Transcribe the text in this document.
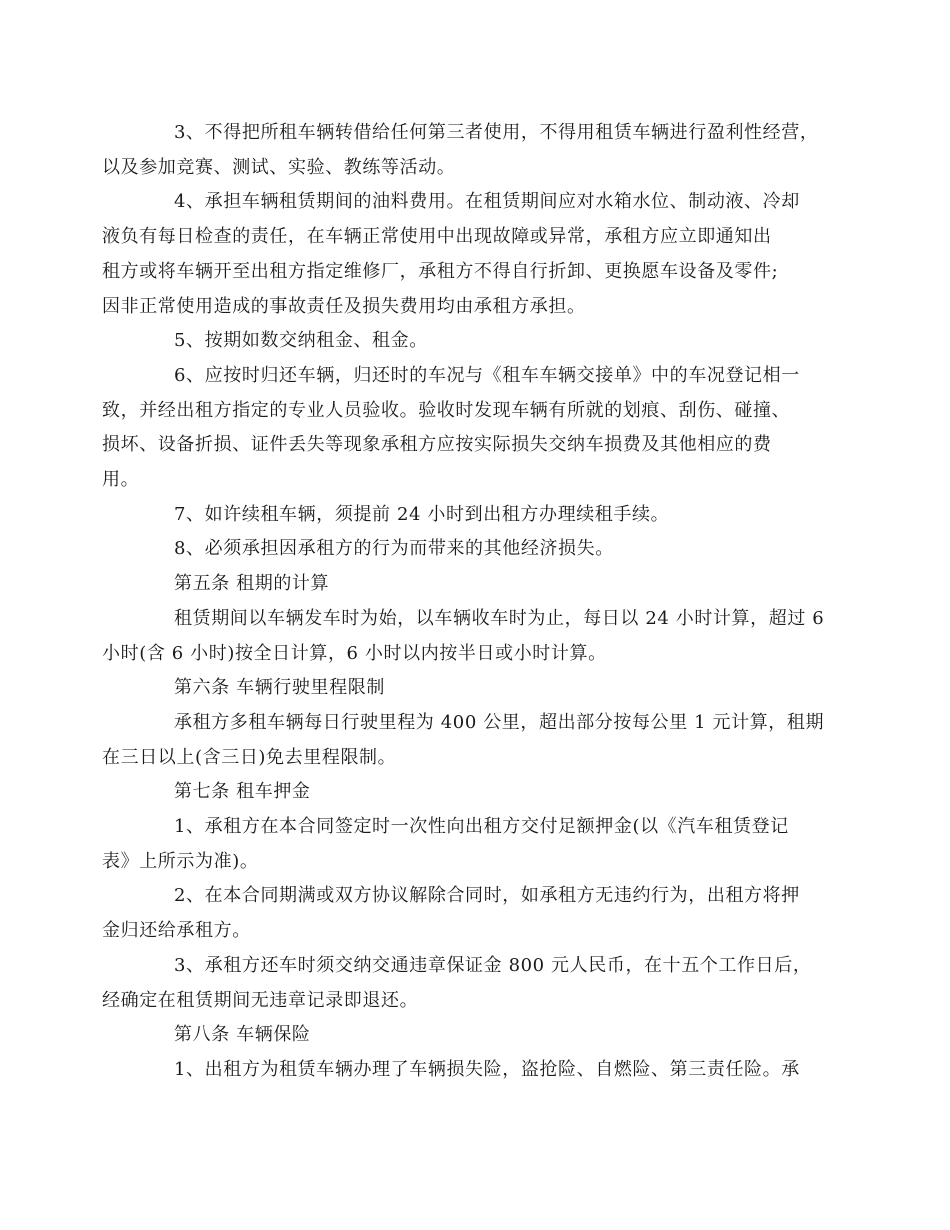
3、不得把所租车辆转借给任何第三者使用，不得用租赁车辆进行盈利性经营，
以及参加竞赛、测试、实验、教练等活动。
4、承担车辆租赁期间的油料费用。在租赁期间应对水箱水位、制动液、冷却
液负有每日检查的责任，在车辆正常使用中出现故障或异常，承租方应立即通知出
租方或将车辆开至出租方指定维修厂，承租方不得自行折卸、更换愿车设备及零件;
因非正常使用造成的事故责任及损失费用均由承租方承担。
5、按期如数交纳租金、租金。
6、应按时归还车辆，归还时的车况与《租车车辆交接单》中的车况登记相一
致，并经出租方指定的专业人员验收。验收时发现车辆有所就的划痕、刮伤、碰撞、
损坏、设备折损、证件丢失等现象承租方应按实际损失交纳车损费及其他相应的费
用。
7、如许续租车辆，须提前 24 小时到出租方办理续租手续。
8、必须承担因承租方的行为而带来的其他经济损失。
第五条 租期的计算
租赁期间以车辆发车时为始，以车辆收车时为止，每日以 24 小时计算，超过 6
小时(含 6 小时)按全日计算，6 小时以内按半日或小时计算。
第六条 车辆行驶里程限制
承租方多租车辆每日行驶里程为 400 公里，超出部分按每公里 1 元计算，租期
在三日以上(含三日)免去里程限制。
第七条 租车押金
1、承租方在本合同签定时一次性向出租方交付足额押金(以《汽车租赁登记
表》上所示为准)。
2、在本合同期满或双方协议解除合同时，如承租方无违约行为，出租方将押
金归还给承租方。
3、承租方还车时须交纳交通违章保证金 800 元人民币，在十五个工作日后，
经确定在租赁期间无违章记录即退还。
第八条 车辆保险
1、出租方为租赁车辆办理了车辆损失险，盗抢险、自燃险、第三责任险。承
